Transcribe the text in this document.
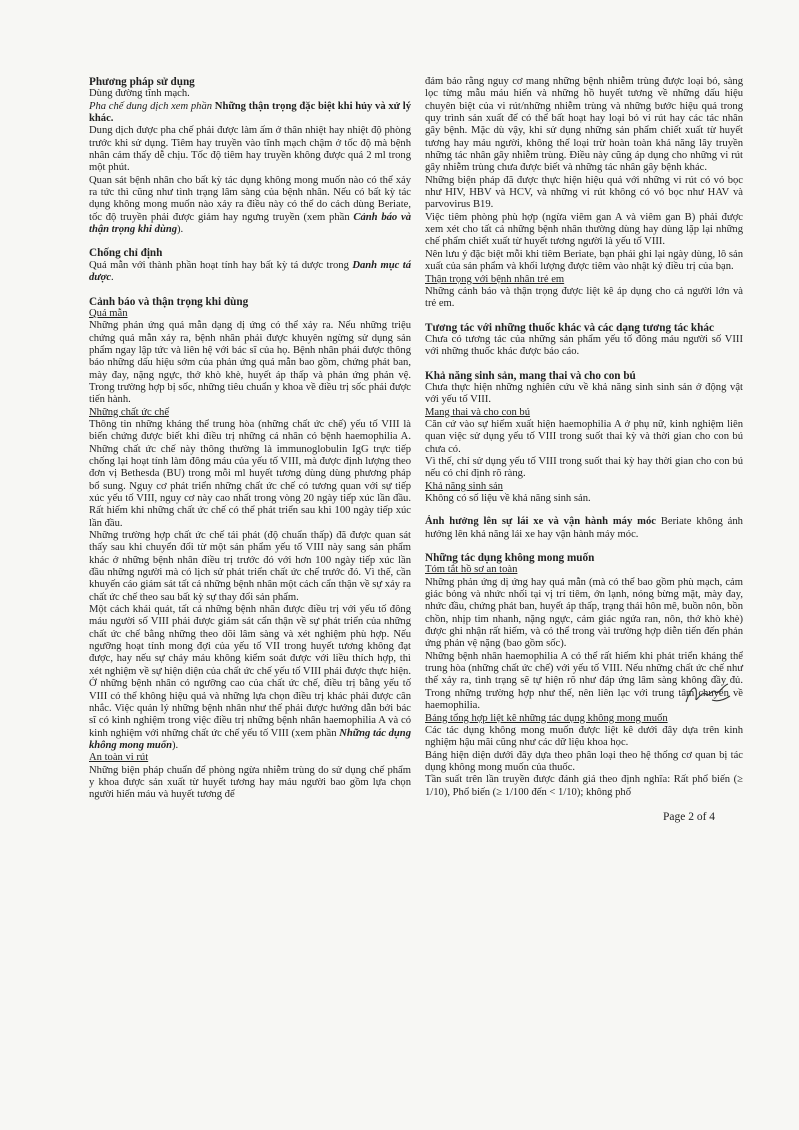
Phương pháp sử dụng

Dùng đường tĩnh mạch.

Pha chế dung dịch xem phần Những thận trọng đặc biệt khi hủy và xử lý khác.

Dung dịch được pha chế phải được làm ấm ở thân nhiệt hay nhiệt độ phòng trước khi sử dụng. Tiêm hay truyền vào tĩnh mạch chậm ở tốc độ mà bệnh nhân cảm thấy dễ chịu. Tốc độ tiêm hay truyền không được quá 2 ml trong một phút.

Quan sát bệnh nhân cho bất kỳ tác dụng không mong muốn nào có thể xảy ra tức thì cũng như tình trạng lâm sàng của bệnh nhân. Nếu có bất kỳ tác dụng không mong muốn nào xảy ra điều này có thể do cách dùng Beriate, tốc độ truyền phải được giảm hay ngưng truyền (xem phần Cảnh báo và thận trọng khi dùng).

Chống chỉ định

Quá mẫn với thành phần hoạt tính hay bất kỳ tá dược trong Danh mục tá dược.

Cảnh báo và thận trọng khi dùng

Quá mẫn

Những phản ứng quá mẫn dạng dị ứng có thể xảy ra. Nếu những triệu chứng quá mẫn xảy ra, bệnh nhân phải được khuyên ngừng sử dụng sản phẩm ngay lập tức và liên hệ với bác sĩ của họ. Bệnh nhân phải được thông báo những dấu hiệu sớm của phản ứng quá mẫn bao gồm, chứng phát ban, mày đay, nặng ngực, thở khò khè, huyết áp thấp và phản ứng phản vệ. Trong trường hợp bị sốc, những tiêu chuẩn y khoa về điều trị sốc phải được tiến hành.

Những chất ức chế

Thông tin những kháng thể trung hòa (những chất ức chế) yếu tố VIII là biến chứng được biết khi điều trị những cá nhân có bệnh haemophilia A. Những chất ức chế này thông thường là immunoglobulin IgG trực tiếp chống lại hoạt tính làm đông máu của yếu tố VIII, mà được định lượng theo đơn vị Bethesda (BU) trong mỗi ml huyết tương dùng dùng phương pháp bổ sung. Nguy cơ phát triển những chất ức chế có tương quan với sự tiếp xúc yếu tố VIII, nguy cơ này cao nhất trong vòng 20 ngày tiếp xúc lần đầu. Rất hiếm khi những chất ức chế có thể phát triển sau khi 100 ngày tiếp xúc lần đầu.

Những trường hợp chất ức chế tái phát (độ chuẩn thấp) đã được quan sát thấy sau khi chuyển đổi từ một sản phẩm yếu tố VIII này sang sản phẩm khác ở những bệnh nhân điều trị trước đó với hơn 100 ngày tiếp xúc lần đầu những người mà có lịch sử phát triển chất ức chế trước đó. Vì thế, cần khuyến cáo giám sát tất cả những bệnh nhân một cách cẩn thận về sự xảy ra chất ức chế theo sau bất kỳ sự thay đổi sản phẩm.

Một cách khái quát, tất cả những bệnh nhân được điều trị với yếu tố đông máu người số VIII phải được giám sát cẩn thận về sự phát triển của những chất ức chế bằng những theo dõi lâm sàng và xét nghiệm phù hợp. Nếu ngưỡng hoạt tính mong đợi của yếu tố VII trong huyết tương không đạt được, hay nếu sự chảy máu không kiểm soát được với liều thích hợp, thì xét nghiệm về sự hiện diện của chất ức chế yếu tố VIII phải được thực hiện. Ở những bệnh nhân có ngưỡng cao của chất ức chế, điều trị bằng yếu tố VIII có thể không hiệu quả và những lựa chọn điều trị khác phải được cân nhắc. Việc quản lý những bệnh nhân như thế phải được hướng dẫn bởi bác sĩ có kinh nghiệm trong việc điều trị những bệnh nhân haemophilia A và có kinh nghiệm với những chất ức chế yếu tố VIII (xem phần Những tác dụng không mong muốn).

An toàn vi rút

Những biện pháp chuẩn để phòng ngừa nhiễm trùng do sử dụng chế phẩm y khoa được sản xuất từ huyết tương hay máu người bao gồm lựa chọn người hiến máu và huyết tương để

đảm bảo rằng nguy cơ mang những bệnh nhiễm trùng được loại bỏ, sàng lọc từng mẫu máu hiến và những hồ huyết tương về những dấu hiệu chuyên biệt của vi rút/những nhiễm trùng và những bước hiệu quả trong quy trình sản xuất để có thể bất hoạt hay loại bỏ vi rút hay các tác nhân gây bệnh. Mặc dù vậy, khi sử dụng những sản phẩm chiết xuất từ huyết tương hay máu người, không thể loại trừ hoàn toàn khả năng lây truyền những tác nhân gây nhiễm trùng. Điều này cũng áp dụng cho những vi rút gây nhiễm trùng chưa được biết và những tác nhân gây bệnh khác.

Những biện pháp đã được thực hiện hiệu quả với những vi rút có vỏ bọc như HIV, HBV và HCV, và những vi rút không có vỏ bọc như HAV và parvovirus B19.

Việc tiêm phòng phù hợp (ngừa viêm gan A và viêm gan B) phải được xem xét cho tất cả những bệnh nhân thường dùng hay dùng lặp lại những chế phẩm chiết xuất từ huyết tương người là yếu tố VIII.

Nên lưu ý đặc biệt mỗi khi tiêm Beriate, bạn phải ghi lại ngày dùng, lô sản xuất của sản phẩm và khối lượng được tiêm vào nhật ký điều trị của bạn.

Thận trọng với bệnh nhân trẻ em

Những cảnh báo và thận trọng được liệt kê áp dụng cho cả người lớn và trẻ em.

Tương tác với những thuốc khác và các dạng tương tác khác

Chưa có tương tác của những sản phẩm yếu tố đông máu người số VIII với những thuốc khác được báo cáo.

Khả năng sinh sản, mang thai và cho con bú

Chưa thực hiện những nghiên cứu về khả năng sinh sinh sản ở động vật với yếu tố VIII.

Mang thai và cho con bú

Căn cứ vào sự hiếm xuất hiện haemophilia A ở phụ nữ, kinh nghiệm liên quan việc sử dụng yếu tố VIII trong suốt thai kỳ và thời gian cho con bú chưa có.

Vì thế, chỉ sử dụng yếu tố VIII trong suốt thai kỳ hay thời gian cho con bú nếu có chỉ định rõ ràng.

Khả năng sinh sản

Không có số liệu về khả năng sinh sản.

Ảnh hưởng lên sự lái xe và vận hành máy móc Beriate không ảnh hưởng lên khả năng lái xe hay vận hành máy móc.

Những tác dụng không mong muốn

Tóm tắt hồ sơ an toàn

Những phản ứng dị ứng hay quá mẫn (mà có thể bao gồm phù mạch, cảm giác bỏng và nhức nhối tại vị trí tiêm, ớn lạnh, nóng bừng mặt, mày đay, nhức đầu, chứng phát ban, huyết áp thấp, trạng thái hôn mê, buồn nôn, bồn chồn, nhịp tim nhanh, nặng ngực, cảm giác ngứa ran, nôn, thở khò khè) được ghi nhận rất hiếm, và có thể trong vài trường hợp diễn tiến đến phản ứng phản vệ nặng (bao gồm sốc).

Những bệnh nhân haemophilia A có thể rất hiếm khi phát triển kháng thể trung hòa (những chất ức chế) với yếu tố VIII. Nếu những chất ức chế như thế xảy ra, tình trạng sẽ tự hiện rõ như đáp ứng lâm sàng không đầy đủ. Trong những trường hợp như thế, nên liên lạc với trung tâm chuyên về haemophilia.

Bảng tổng hợp liệt kê những tác dụng không mong muốn

Các tác dụng không mong muốn được liệt kê dưới đây dựa trên kinh nghiệm hậu mãi cũng như các dữ liệu khoa học.

Bảng hiện diện dưới đây dựa theo phân loại theo hệ thống cơ quan bị tác dụng không mong muốn của thuốc.

Tần suất trên lần truyền được đánh giá theo định nghĩa: Rất phổ biến (≥ 1/10), Phổ biến (≥ 1/100 đến < 1/10); không phổ

Page 2 of 4
